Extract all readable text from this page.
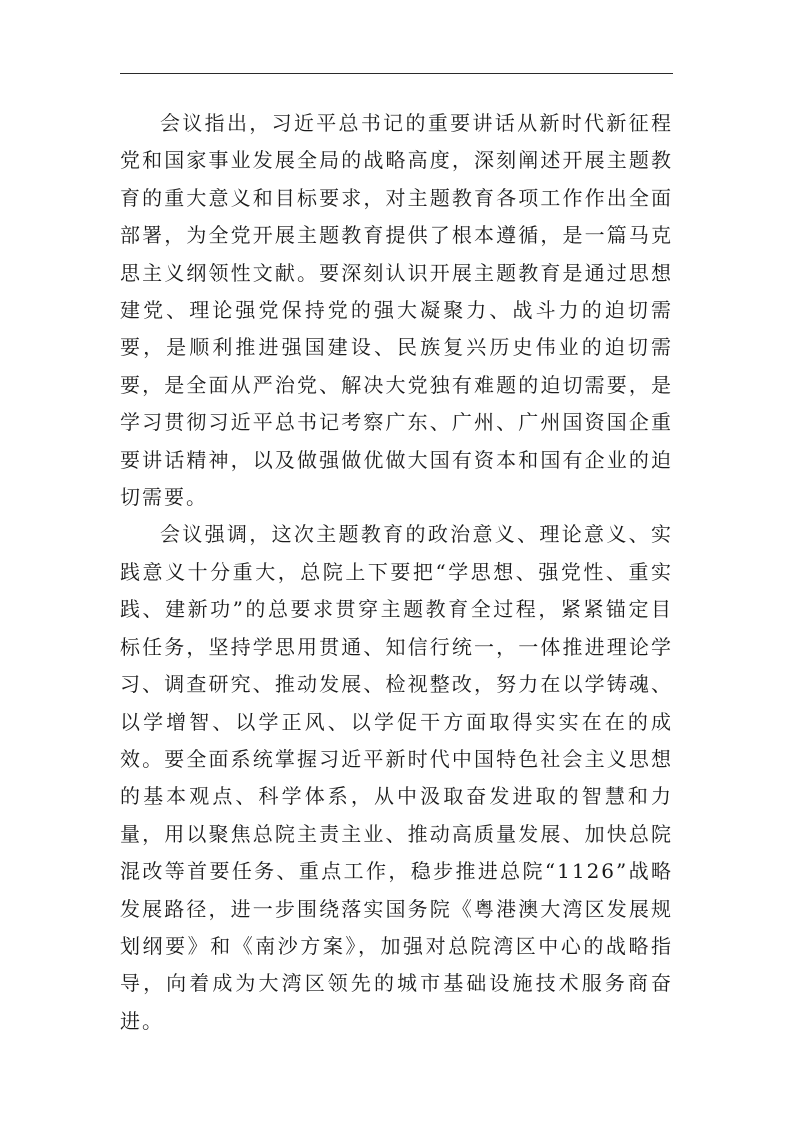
会议指出，习近平总书记的重要讲话从新时代新征程党和国家事业发展全局的战略高度，深刻阐述开展主题教育的重大意义和目标要求，对主题教育各项工作作出全面部署，为全党开展主题教育提供了根本遵循，是一篇马克思主义纲领性文献。要深刻认识开展主题教育是通过思想建党、理论强党保持党的强大凝聚力、战斗力的迫切需要，是顺利推进强国建设、民族复兴历史伟业的迫切需要，是全面从严治党、解决大党独有难题的迫切需要，是学习贯彻习近平总书记考察广东、广州、广州国资国企重要讲话精神，以及做强做优做大国有资本和国有企业的迫切需要。

会议强调，这次主题教育的政治意义、理论意义、实践意义十分重大，总院上下要把“学思想、强党性、重实践、建新功”的总要求贯穿主题教育全过程，紧紧锚定目标任务，坚持学思用贯通、知信行统一，一体推进理论学习、调查研究、推动发展、检视整改，努力在以学铸魂、以学增智、以学正风、以学促干方面取得实实在在的成效。要全面系统掌握习近平新时代中国特色社会主义思想的基本观点、科学体系，从中汲取奋发进取的智慧和力量，用以聚焦总院主责主业、推动高质量发展、加快总院混改等首要任务、重点工作，稳步推进总院“1126”战略发展路径，进一步围绕落实国务院《粤港澳大湾区发展规划纲要》和《南沙方案》，加强对总院湾区中心的战略指导，向着成为大湾区领先的城市基础设施技术服务商奋进。
